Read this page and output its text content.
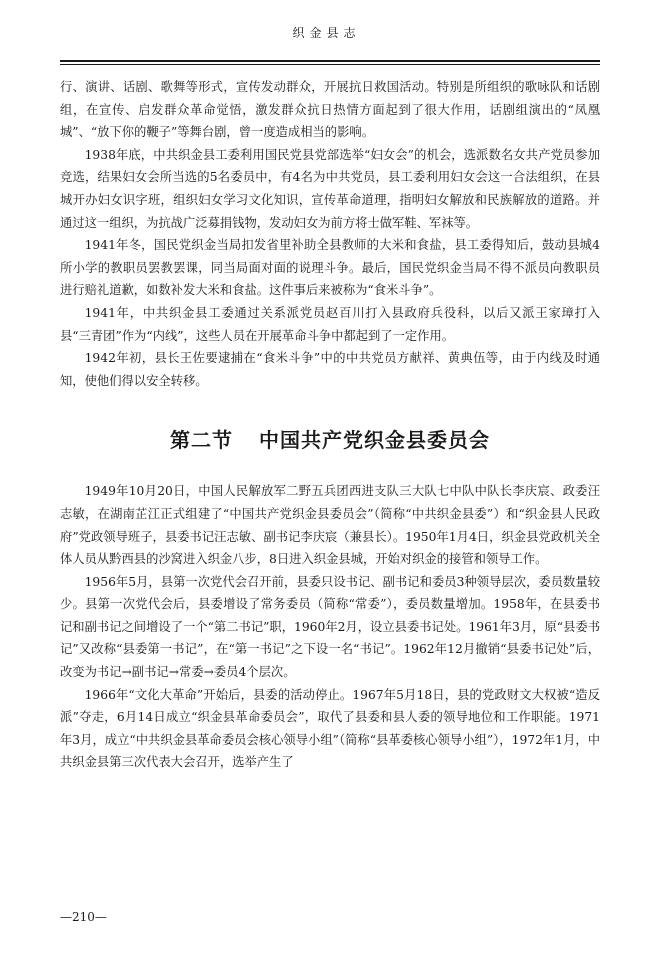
织金县志

行、演讲、话剧、歌舞等形式，宣传发动群众，开展抗日救国活动。特别是所组织的歌咏队和话剧组，在宣传、启发群众革命觉悟，激发群众抗日热情方面起到了很大作用，话剧组演出的“凤凰城”、“放下你的鞭子”等舞台剧，曾一度造成相当的影响。

1938年底，中共织金县工委利用国民党县党部选举“妇女会”的机会，选派数名女共产党员参加竞选，结果妇女会所当选的5名委员中，有4名为中共党员，县工委利用妇女会这一合法组织，在县城开办妇女识字班，组织妇女学习文化知识，宣传革命道理，指明妇女解放和民族解放的道路。并通过这一组织，为抗战广泛募捐钱物，发动妇女为前方将士做军鞋、军袜等。

1941年冬，国民党织金当局扣发省里补助全县教师的大米和食盐，县工委得知后，鼓动县城4所小学的教职员罢教罢课，同当局面对面的说理斗争。最后，国民党织金当局不得不派员向教职员进行赔礼道歉，如数补发大米和食盐。这件事后来被称为“食米斗争”。

1941年，中共织金县工委通过关系派党员赵百川打入县政府兵役科，以后又派王家璋打入县“三青团”作为“内线”，这些人员在开展革命斗争中都起到了一定作用。

1942年初，县长王佐要逮捕在“食米斗争”中的中共党员方献祥、黄典伍等，由于内线及时通知，使他们得以安全转移。

第二节 中国共产党织金县委员会

1949年10月20日，中国人民解放军二野五兵团西进支队三大队七中队中队长李庆宸、政委汪志敏，在湖南芷江正式组建了“中国共产党织金县委员会”（简称“中共织金县委”）和“织金县人民政府”党政领导班子，县委书记汪志敏、副书记李庆宸（兼县长）。1950年1月4日，织金县党政机关全体人员从黔西县的沙窝进入织金八步，8日进入织金县城，开始对织金的接管和领导工作。

1956年5月，县第一次党代会召开前，县委只设书记、副书记和委员3种领导层次，委员数量较少。县第一次党代会后，县委增设了常务委员（简称“常委”），委员数量增加。1958年，在县委书记和副书记之间增设了一个“第二书记”职，1960年2月，设立县委书记处。1961年3月，原“县委书记”又改称“县委第一书记”，在“第一书记”之下设一名“书记”。1962年12月撤销“县委书记处”后，改变为书记→副书记→常委→委员4个层次。

1966年“文化大革命”开始后，县委的活动停止。1967年5月18日，县的党政财文大权被“造反派”夺走，6月14日成立“织金县革命委员会”，取代了县委和县人委的领导地位和工作职能。1971年3月，成立“中共织金县革命委员会核心领导小组”（简称“县革委核心领导小组”），1972年1月，中共织金县第三次代表大会召开，选举产生了

—210—
